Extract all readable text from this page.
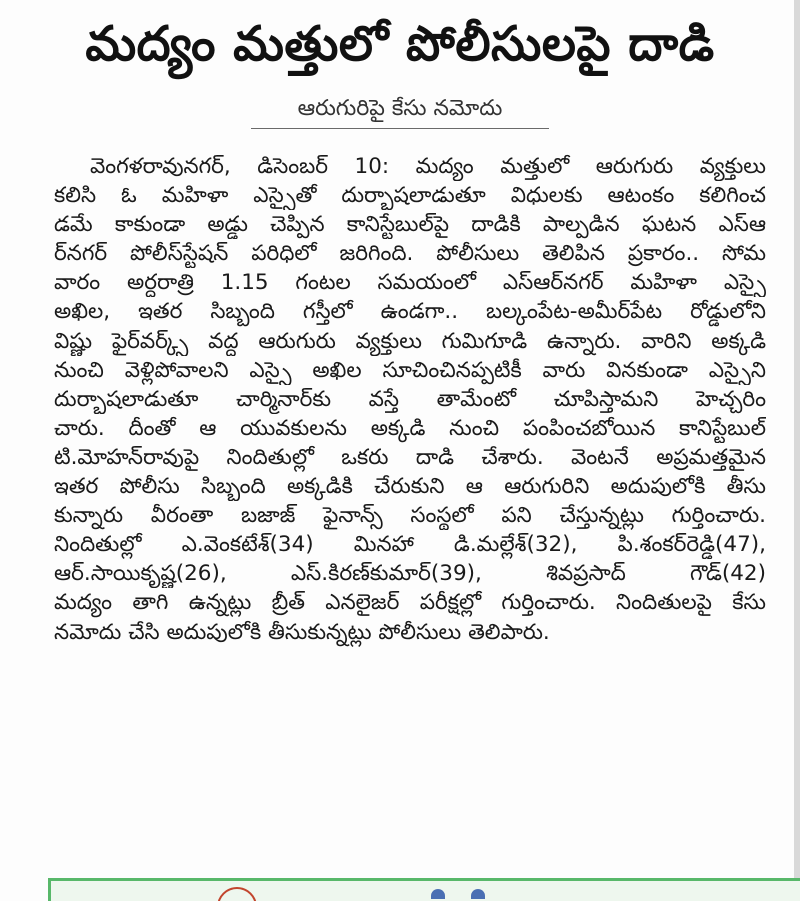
మద్యం మత్తులో పోలీసులపై దాడి
ఆరుగురిపై కేసు నమోదు
వెంగళరావునగర్, డిసెంబర్ 10: మద్యం మత్తులో ఆరుగురు వ్యక్తులు
కలిసి ఓ మహిళా ఎస్సైతో దుర్భాషలాడుతూ విధులకు ఆటంకం కలిగించ
డమే కాకుండా అడ్డు చెప్పిన కానిస్టేబుల్‌పై దాడికి పాల్పడిన ఘటన ఎస్‌ఆ
ర్‌నగర్ పోలీస్‌స్టేషన్ పరిధిలో జరిగింది. పోలీసులు తెలిపిన ప్రకారం.. సోమ
వారం అర్ధరాత్రి 1.15 గంటల సమయంలో ఎస్‌ఆర్‌నగర్ మహిళా ఎస్సై
అఖిల, ఇతర సిబ్బంది గస్తీలో ఉండగా.. బల్కంపేట-అమీర్‌పేట రోడ్డులోని
విష్ణు ఫైర్‌వర్క్స్ వద్ద ఆరుగురు వ్యక్తులు గుమిగూడి ఉన్నారు. వారిని అక్కడి
నుంచి వెళ్లిపోవాలని ఎస్సై అఖిల సూచించినప్పటికీ వారు వినకుండా ఎస్సైని
దుర్భాషలాడుతూ చార్మినార్‌కు వస్తే తామేంటో చూపిస్తామని హెచ్చరిం
చారు. దీంతో ఆ యువకులను అక్కడి నుంచి పంపించబోయిన కానిస్టేబుల్
టి.మోహన్‌రావుపై నిందితుల్లో ఒకరు దాడి చేశారు. వెంటనే అప్రమత్తమైన
ఇతర పోలీసు సిబ్బంది అక్కడికి చేరుకుని ఆ ఆరుగురిని అదుపులోకి తీసు
కున్నారు వీరంతా బజాజ్ ఫైనాన్స్ సంస్థలో పని చేస్తున్నట్లు గుర్తించారు.
నిందితుల్లో ఎ.వెంకటేశ్(34) మినహా డి.మల్లేశ్(32), పి.శంకర్‌రెడ్డి(47),
ఆర్.సాయికృష్ణ(26), ఎస్.కిరణ్‌కుమార్(39), శివప్రసాద్ గౌడ్(42)
మద్యం తాగి ఉన్నట్లు బ్రీత్ ఎనలైజర్ పరీక్షల్లో గుర్తించారు. నిందితులపై కేసు
నమోదు చేసి అదుపులోకి తీసుకున్నట్లు పోలీసులు తెలిపారు.
